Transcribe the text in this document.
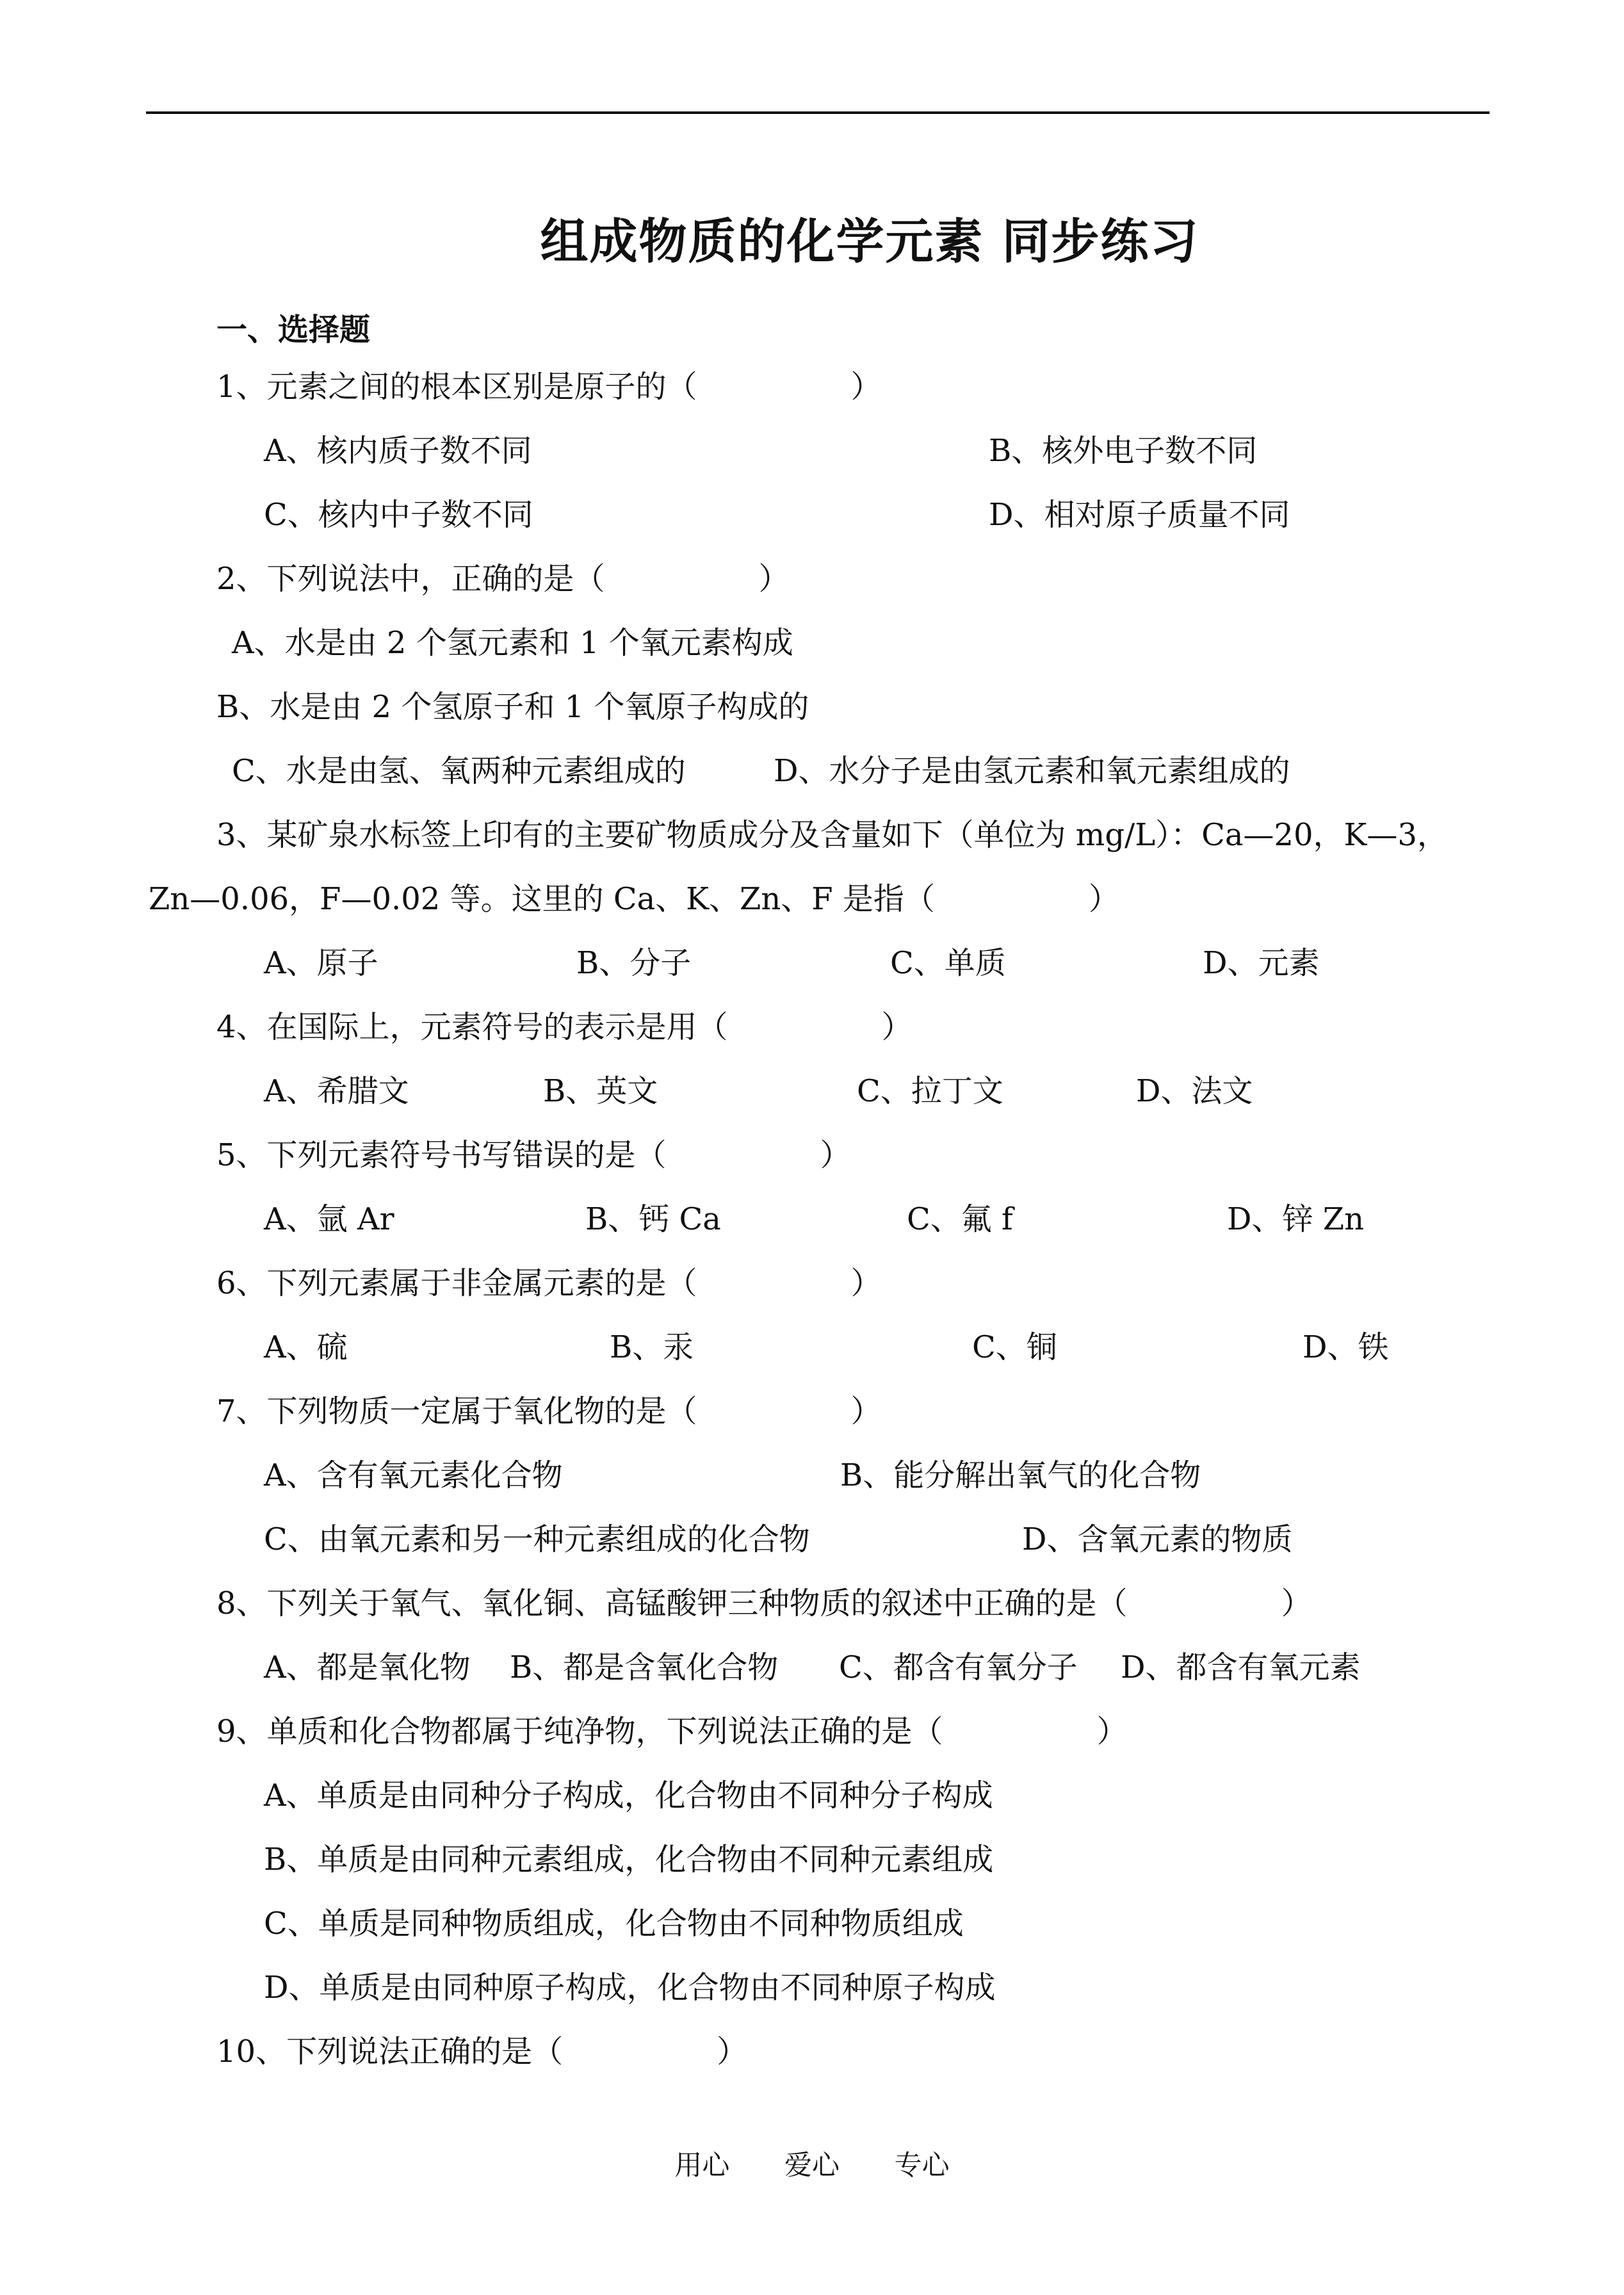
组成物质的化学元素 同步练习
一、选择题
1、元素之间的根本区别是原子的（　　　　　）
A、核内质子数不同	B、核外电子数不同
C、核内中子数不同	D、相对原子质量不同
2、下列说法中，正确的是（　　　　　）
A、水是由 2 个氢元素和 1 个氧元素构成
B、水是由 2 个氢原子和 1 个氧原子构成的
C、水是由氢、氧两种元素组成的	D、水分子是由氢元素和氧元素组成的
3、某矿泉水标签上印有的主要矿物质成分及含量如下（单位为 mg/L）：Ca—20，K—3，
Zn—0.06，F—0.02 等。这里的 Ca、K、Zn、F 是指（　　　　　）
A、原子	B、分子	C、单质	D、元素
4、在国际上，元素符号的表示是用（　　　　　）
A、希腊文	B、英文	C、拉丁文	D、法文
5、下列元素符号书写错误的是（　　　　　）
A、氩 Ar	B、钙 Ca	C、氟 f	D、锌 Zn
6、下列元素属于非金属元素的是（　　　　　）
A、硫	B、汞	C、铜	D、铁
7、下列物质一定属于氧化物的是（　　　　　）
A、含有氧元素化合物	B、能分解出氧气的化合物
C、由氧元素和另一种元素组成的化合物	D、含氧元素的物质
8、下列关于氧气、氧化铜、高锰酸钾三种物质的叙述中正确的是（　　　　　）
A、都是氧化物 B、都是含氧化合物 C、都含有氧分子 D、都含有氧元素
9、单质和化合物都属于纯净物，下列说法正确的是（　　　　　）
A、单质是由同种分子构成，化合物由不同种分子构成
B、单质是由同种元素组成，化合物由不同种元素组成
C、单质是同种物质组成，化合物由不同种物质组成
D、单质是由同种原子构成，化合物由不同种原子构成
10、下列说法正确的是（　　　　　）
用心 爱心 专心
